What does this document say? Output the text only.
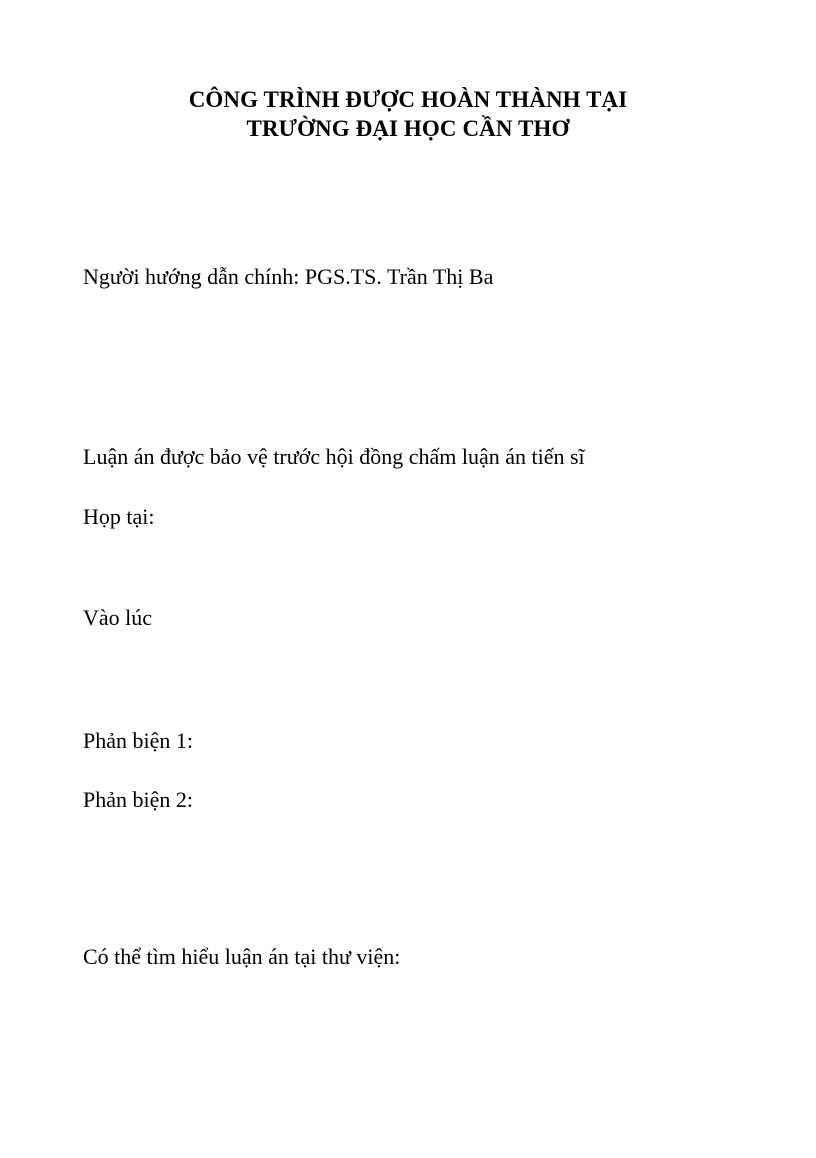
CÔNG TRÌNH ĐƯỢC HOÀN THÀNH TẠI
TRƯỜNG ĐẠI HỌC CẦN THƠ
Người hướng dẫn chính: PGS.TS. Trần Thị Ba
Luận án được bảo vệ trước hội đồng chấm luận án tiến sĩ
Họp tại:
Vào lúc
Phản biện 1:
Phản biện 2:
Có thể tìm hiểu luận án tại thư viện:
